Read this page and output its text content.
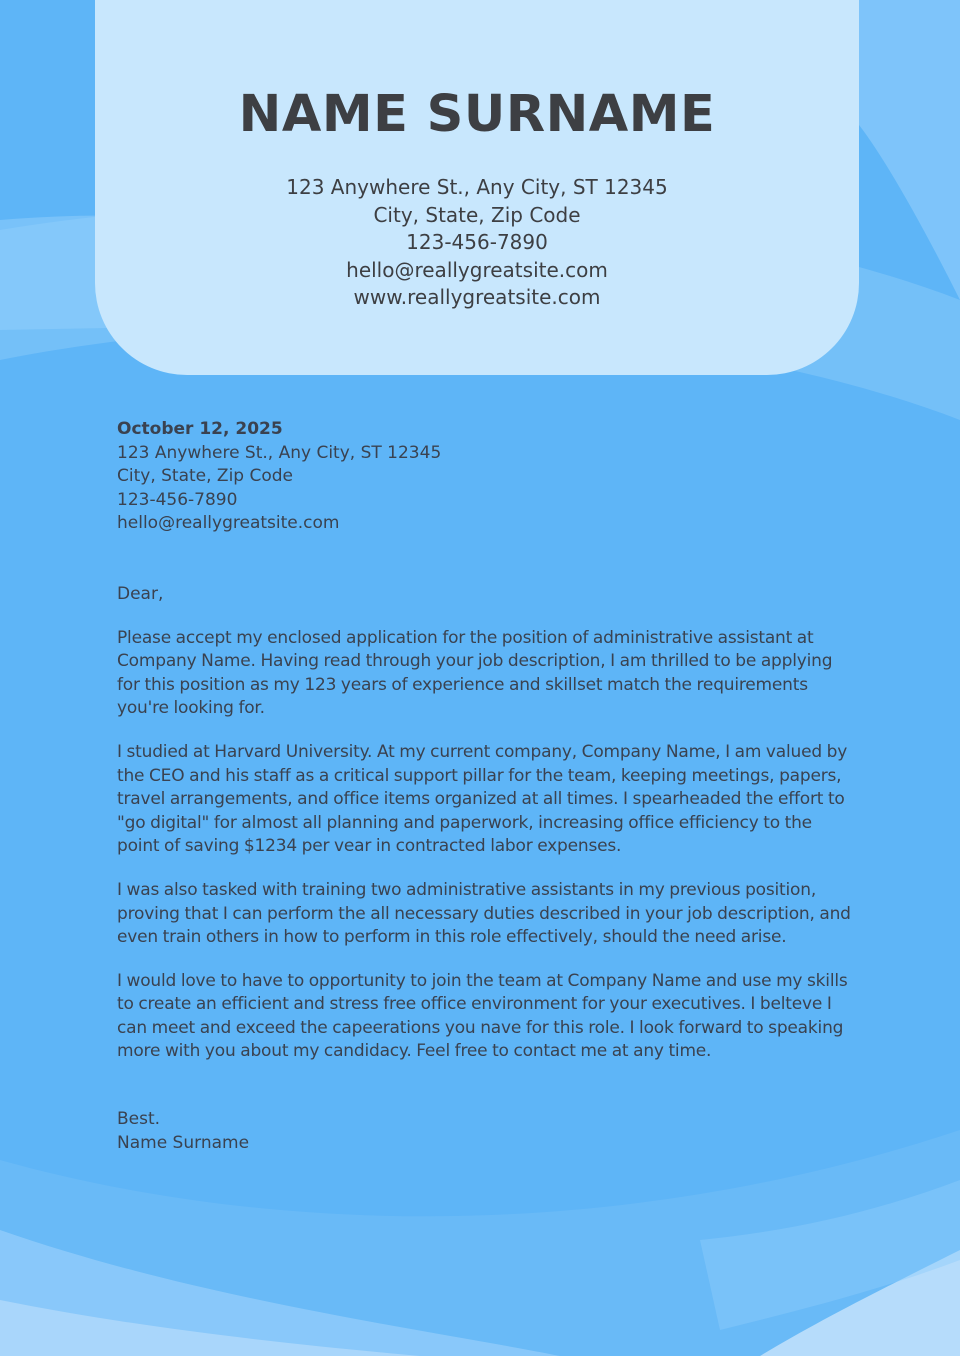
NAME SURNAME
123 Anywhere St., Any City, ST 12345
City, State, Zip Code
123-456-7890
hello@reallygreatsite.com
www.reallygreatsite.com
October 12, 2025
123 Anywhere St., Any City, ST 12345
City, State, Zip Code
123-456-7890
hello@reallygreatsite.com
Dear,

Please accept my enclosed application for the position of administrative assistant at Company Name. Having read through your job description, I am thrilled to be applying for this position as my 123 years of experience and skillset match the requirements you're looking for.

I studied at Harvard University. At my current company, Company Name, I am valued by the CEO and his staff as a critical support pillar for the team, keeping meetings, papers, travel arrangements, and office items organized at all times. I spearheaded the effort to "go digital" for almost all planning and paperwork, increasing office efficiency to the point of saving $1234 per vear in contracted labor expenses.

I was also tasked with training two administrative assistants in my previous position, proving that I can perform the all necessary duties described in your job description, and even train others in how to perform in this role effectively, should the need arise.

I would love to have to opportunity to join the team at Company Name and use my skills to create an efficient and stress free office environment for your executives. I belteve I can meet and exceed the capeerations you nave for this role. I look forward to speaking more with you about my candidacy. Feel free to contact me at any time.

Best.
Name Surname
